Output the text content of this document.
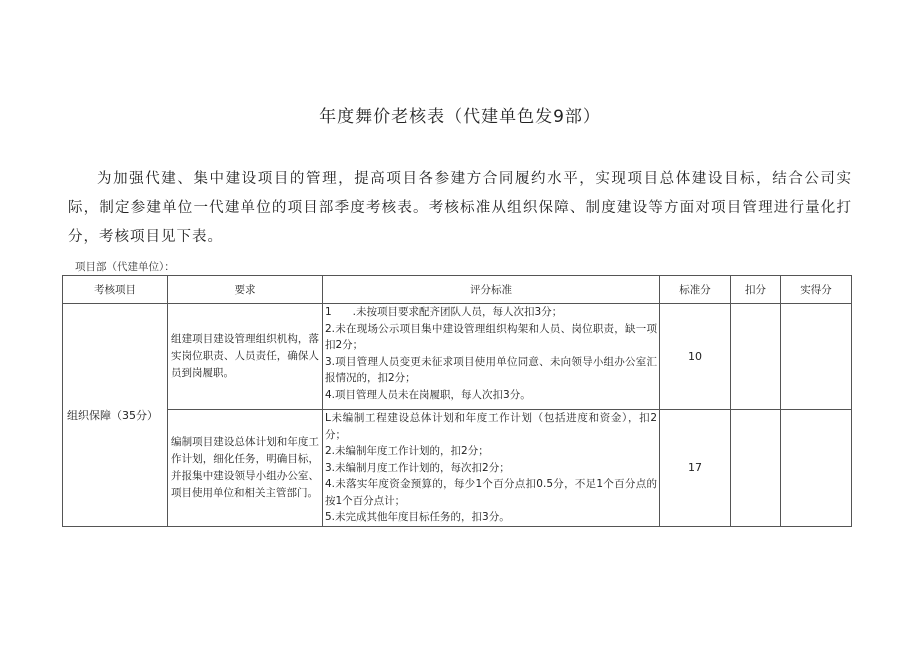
年度舞价老核表（代建单色发9部）
为加强代建、集中建设项目的管理，提高项目各参建方合同履约水平，实现项目总体建设目标，结合公司实际，制定参建单位一代建单位的项目部季度考核表。考核标准从组织保障、制度建设等方面对项目管理进行量化打分，考核项目见下表。
项目部（代建单位）：
考核项目	要求	评分标准	标准分	扣分	实得分
组织保障（35分）	组建项目建设管理组织机构，落实岗位职责、人员责任，确保人员到岗履职。	1　　.未按项目要求配齐团队人员，每人次扣3分；
2.未在现场公示项目集中建设管理组织构架和人员、岗位职责，缺一项扣2分；
3.项目管理人员变更未征求项目使用单位同意、未向领导小组办公室汇报情况的，扣2分；
4.项目管理人员未在岗履职，每人次扣3分。	10		
	编制项目建设总体计划和年度工作计划，细化任务，明确目标，并报集中建设领导小组办公室、项目使用单位和相关主管部门。	L未编制工程建设总体计划和年度工作计划（包括进度和资金），扣2分；
2.未编制年度工作计划的，扣2分；
3.未编制月度工作计划的，每次扣2分；
4.未落实年度资金预算的，每少1个百分点扣0.5分，不足1个百分点的按1个百分点计；
5.未完成其他年度目标任务的，扣3分。	17		
